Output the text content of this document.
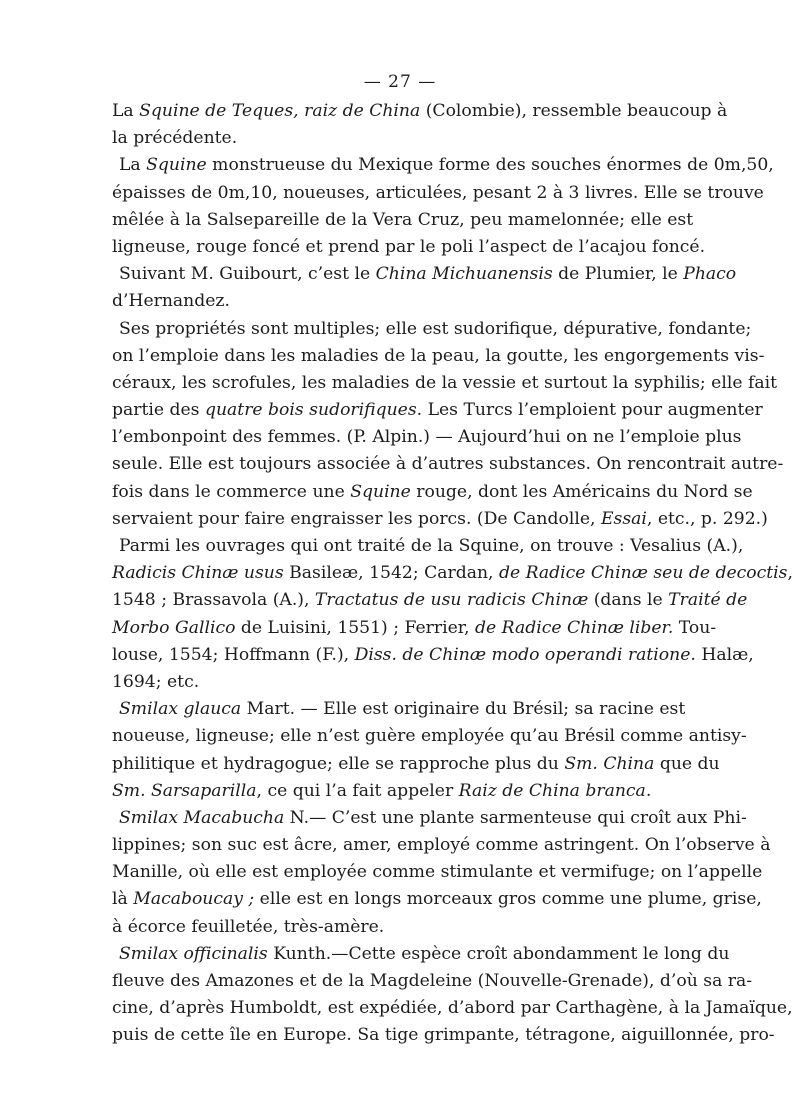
— 27 —
La Squine de Teques, raiz de China (Colombie), ressemble beaucoup à
la précédente.
La Squine monstrueuse du Mexique forme des souches énormes de 0m,50,
épaisses de 0m,10, noueuses, articulées, pesant 2 à 3 livres. Elle se trouve
mêlée à la Salsepareille de la Vera Cruz, peu mamelonnée; elle est
ligneuse, rouge foncé et prend par le poli l’aspect de l’acajou foncé.
Suivant M. Guibourt, c’est le China Michuanensis de Plumier, le Phaco
d’Hernandez.
Ses propriétés sont multiples; elle est sudorifique, dépurative, fondante;
on l’emploie dans les maladies de la peau, la goutte, les engorgements vis-
céraux, les scrofules, les maladies de la vessie et surtout la syphilis; elle fait
partie des quatre bois sudorifiques. Les Turcs l’emploient pour augmenter
l’embonpoint des femmes. (P. Alpin.) — Aujourd’hui on ne l’emploie plus
seule. Elle est toujours associée à d’autres substances. On rencontrait autre-
fois dans le commerce une Squine rouge, dont les Américains du Nord se
servaient pour faire engraisser les porcs. (De Candolle, Essai, etc., p. 292.)
Parmi les ouvrages qui ont traité de la Squine, on trouve : Vesalius (A.),
Radicis Chinæ usus Basileæ, 1542; Cardan, de Radice Chinæ seu de decoctis,
1548 ; Brassavola (A.), Tractatus de usu radicis Chinæ (dans le Traité de
Morbo Gallico de Luisini, 1551) ; Ferrier, de Radice Chinæ liber. Tou-
louse, 1554; Hoffmann (F.), Diss. de Chinæ modo operandi ratione. Halæ,
1694; etc.
Smilax glauca Mart. — Elle est originaire du Brésil; sa racine est
noueuse, ligneuse; elle n’est guère employée qu’au Brésil comme antisy-
philitique et hydragogue; elle se rapproche plus du Sm. China que du
Sm. Sarsaparilla, ce qui l’a fait appeler Raiz de China branca.
Smilax Macabucha N.— C’est une plante sarmenteuse qui croît aux Phi-
lippines; son suc est âcre, amer, employé comme astringent. On l’observe à
Manille, où elle est employée comme stimulante et vermifuge; on l’appelle
là Macaboucay ; elle est en longs morceaux gros comme une plume, grise,
à écorce feuilletée, très-amère.
Smilax officinalis Kunth.—Cette espèce croît abondamment le long du
fleuve des Amazones et de la Magdeleine (Nouvelle-Grenade), d’où sa ra-
cine, d’après Humboldt, est expédiée, d’abord par Carthagène, à la Jamaïque,
puis de cette île en Europe. Sa tige grimpante, tétragone, aiguillonnée, pro-
